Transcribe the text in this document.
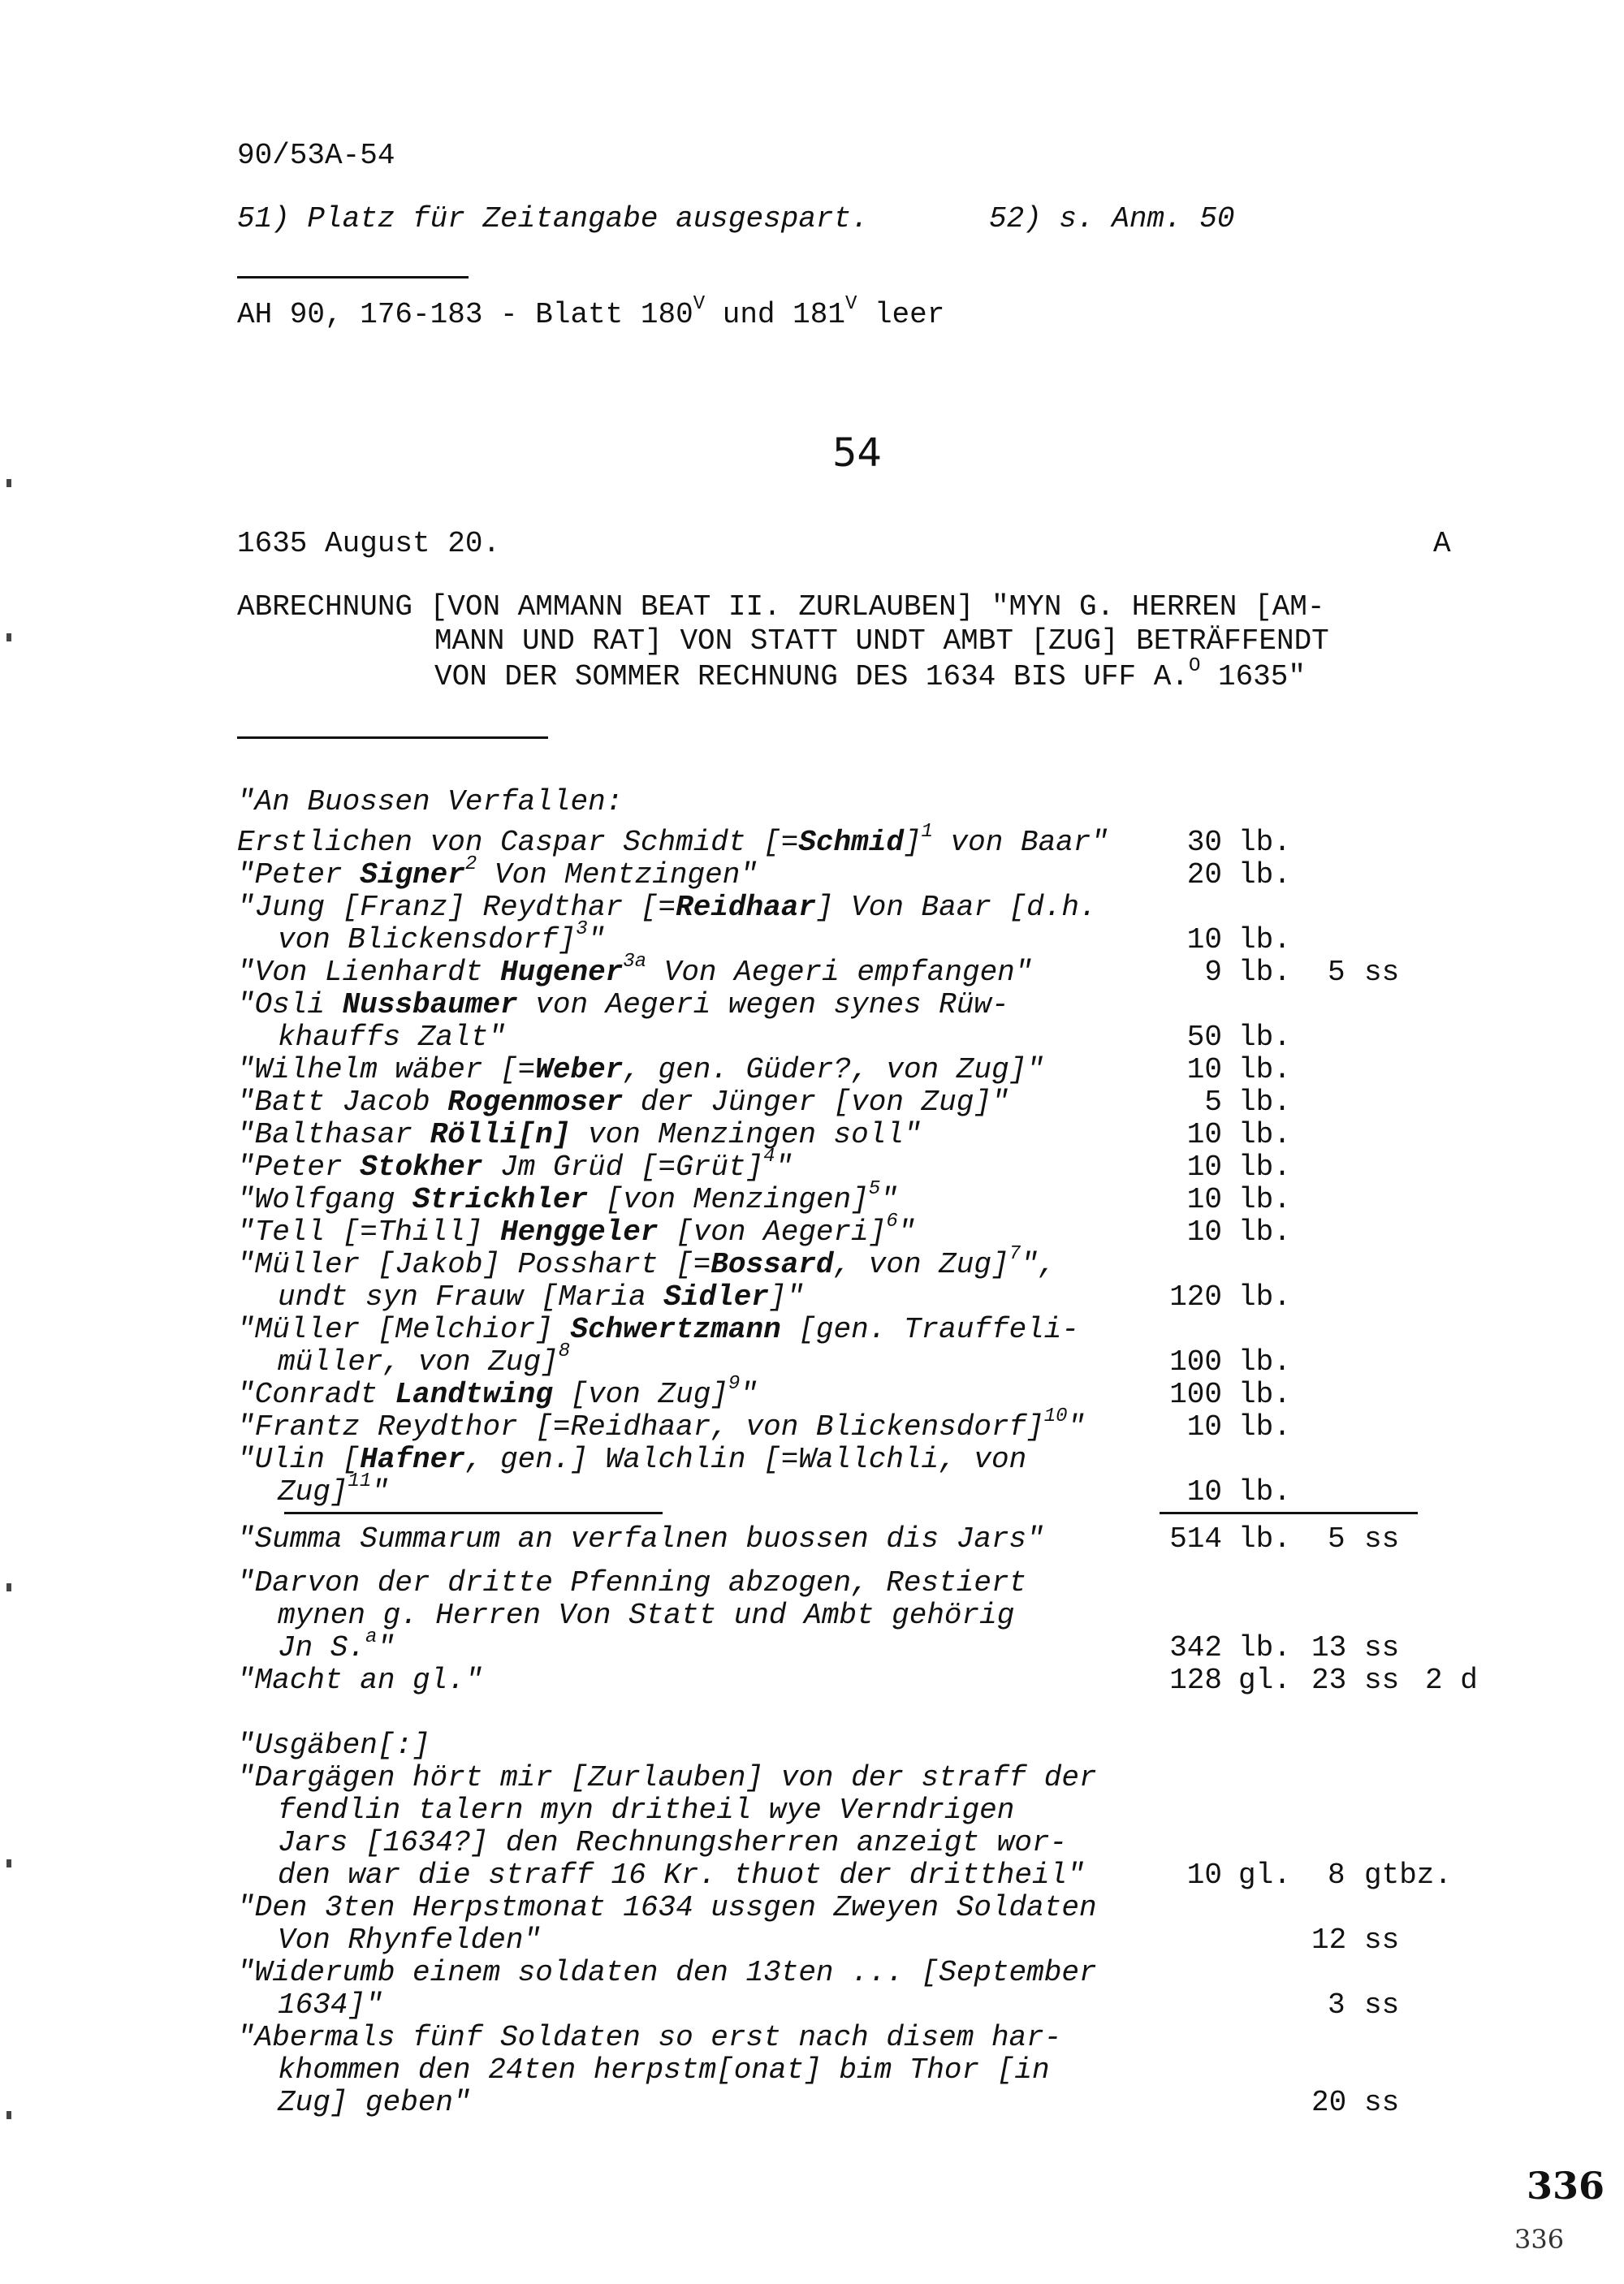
90/53A-54
51) Platz für Zeitangabe ausgespart.	52) s. Anm. 50
AH 90, 176-183 - Blatt $180^V$ und $181^V$ leer
54
1635 August 20.	A
ABRECHNUNG [VON AMMANN BEAT II. ZURLAUBEN] "MYN G. HERREN [AM-
MANN UND RAT] VON STATT UNDT AMBT [ZUG] BETRÄFFENDT
VON DER SOMMER RECHNUNG DES 1634 BIS UFF A.$^O$ 1635"
"An Buossen Verfallen:
Erstlichen von Caspar Schmidt [=Schmid]$^1$ von Baar"	30 lb.
"Peter Signer$^2$ Von Mentzingen"	20 lb.
"Jung [Franz] Reydthar [=Reidhaar] Von Baar [d.h.
von Blickensdorf]$^3$"	10 lb.
"Von Lienhardt Hugener$^{3a}$ Von Aegeri empfangen"	9 lb. 5 ss
"Osli Nussbaumer von Aegeri wegen synes Rüw-
khauffs Zalt"	50 lb.
"Wilhelm wäber [=Weber, gen. Güder?, von Zug]"	10 lb.
"Batt Jacob Rogenmoser der Jünger [von Zug]"	5 lb.
"Balthasar Rölli[n] von Menzingen soll"	10 lb.
"Peter Stokher Jm Grüd [=Grüt]$^4$"	10 lb.
"Wolfgang Strickhler [von Menzingen]$^5$"	10 lb.
"Tell [=Thill] Henggeler [von Aegeri]$^6$"	10 lb.
"Müller [Jakob] Posshart [=Bossard, von Zug]$^7$",
undt syn Frauw [Maria Sidler]"	120 lb.
"Müller [Melchior] Schwertzmann [gen. Trauffeli-
müller, von Zug]$^8$	100 lb.
"Conradt Landtwing [von Zug]$^9$"	100 lb.
"Frantz Reydthor [=Reidhaar, von Blickensdorf]$^{10}$"	10 lb.
"Ulin [Hafner, gen.] Walchlin [=Wallchli, von
Zug]$^{11}$"	10 lb.
"Summa Summarum an verfalnen buossen dis Jars"	514 lb. 5 ss
"Darvon der dritte Pfenning abzogen, Restiert
mynen g. Herren Von Statt und Ambt gehörig
Jn S.$^a$"	342 lb. 13 ss
"Macht an gl."	128 gl. 23 ss 2 d
"Usgäben[:]
"Dargägen hört mir [Zurlauben] von der straff der
fendlin talern myn dritheil wye Verndrigen
Jars [1634?] den Rechnungsherren anzeigt wor-
den war die straff 16 Kr. thuot der drittheil"	10 gl. 8 gtbz.
"Den 3ten Herpstmonat 1634 ussgen Zweyen Soldaten
Von Rhynfelden"	12 ss
"Widerumb einem soldaten den 13ten ... [September
1634]"	3 ss
"Abermals fünf Soldaten so erst nach disem har-
khommen den 24ten herpstm[onat] bim Thor [in
Zug] geben"	20 ss
336
336
